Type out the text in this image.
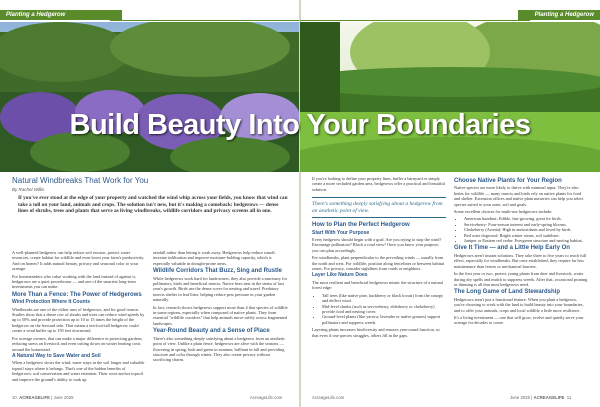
Planting a Hedgerow
Natural Windbreaks That Work for You
By Rachel Willis
If you've ever stood at the edge of your property and watched the wind whip across your fields, you know that wind can take a toll on your land, animals and crops. The solution isn't new, but it's making a comeback: hedgerows — dense lines of shrubs, trees and plants that serve as living windbreaks, wildlife corridors and privacy screens all in one.

A well-planned hedgerow can help reduce soil erosion, protect water resources, create habitat for wildlife and even boost your farm's productivity. And on homes? It adds natural beauty, privacy and seasonal color to your acreage.

For homesteaders who value working with the land instead of against it, hedgerows are a quiet powerhouse — and one of the smartest long-term investments you can make.

More Than a Fence: The Power of Hedgerows
Wind Protection Where It Counts

Windbreaks are one of the oldest uses of hedgerows, and for good reason. Studies show that a dense row of shrubs and trees can reduce wind speeds by up to 50% and provide protection up to 10 to 15 times the height of the hedgerow on the leeward side. That means a ten-foot-tall hedgerow could create a wind buffer up to 150 feet downwind.

For acreage owners, that can make a major difference in protecting gardens, reducing stress on livestock and even cutting down on winter heating costs around the homestead.

A Natural Way to Save Water and Soil

When a hedgerow slows the wind, water stays in the soil longer and valuable topsoil stays where it belongs. That's one of the hidden benefits of hedgerows: soil conservation and water retention. Their roots anchor topsoil and improve the ground's ability to soak up

rainfall rather than letting it wash away. Hedgerows help reduce runoff, increase infiltration and improve moisture-holding capacity, which is especially valuable in drought-prone areas.

Wildlife Corridors That Buzz, Sing and Rustle

While hedgerows work hard for landowners, they also provide a sanctuary for pollinators, birds and beneficial insects. Native bees nest in the stems of last year's growth. Birds use the dense cover for nesting and travel. Predatory insects shelter in leaf litter, helping reduce pest pressure in your garden naturally.

In fact, research shows hedgerows support more than 4 that species of wildlife in some regions, especially when composed of native plants. They form essential "wildlife corridors" that help animals move safely across fragmented landscapes.

Year-Round Beauty and a Sense of Place

There's also something deeply satisfying about a hedgerow from an aesthetic point of view. Unlike a plain fence, hedgerows are alive with the seasons — flowering in spring, lush and green in summer, brilliant in fall and providing structure and color through winter. They also create privacy without sacrificing charm.

10 ACREAGELIFE | June 2025	AcreageLife.com
Planting a Hedgerow

If you're looking to define your property lines, buffer a barnyard or simply create a more secluded garden area, hedgerows offer a practical and beautiful solution.

There's something deeply satisfying about a hedgerow from an aesthetic point of view.
How to Plan the Perfect Hedgerow
Start With Your Purpose

Every hedgerow should begin with a goal. Are you trying to stop the wind? Encourage pollinators? Block a road view? Once you know your purpose, you can plan accordingly.

For windbreaks, plant perpendicular to the prevailing winds — usually from the north and west. For wildlife, position along fencelines or between habitat zones. For privacy, consider sightlines from roads or neighbors.

Layer Like Nature Does

The most resilient and beneficial hedgerows mimic the structure of a natural forest edge:

• Tall trees (like native pine, hackberry or black locust) form the canopy and deflect wind.
• Mid-level shrubs (such as serviceberry, elderberry or chokeberry) provide food and nesting cover.
• Ground-level plants (like yarrow, lavender or native grasses) support pollinators and suppress weeds.

Layering plants increases biodiversity and ensures year-round function, so that even if one species struggles, others fill in the gaps.

Choose Native Plants for Your Region

Native species are more likely to thrive with minimal input. They're also better for wildlife — many insects and birds rely on native plants for food and shelter. Extension offices and native plant nurseries can help you select species suited to your zone, soil and goals.

Some excellent choices for multi-use hedgerows include:

• American hazelnut: Edible, fast-growing, great for birds.
• Serviceberry: Four-season interest and early-spring blooms.
• Chokeberry (Aronia): High in antioxidants and loved by birds.
• Red osier dogwood: Bright winter stems, soil stabilizer.
• Juniper or Eastern red cedar: Evergreen structure and nesting habitat.
Give It Time — and a Little Help Early On

Hedgerows aren't instant solutions. They take three to five years to reach full effect, especially for windbreaks. But once established, they require far less maintenance than fences or mechanical barriers.

In the first year or two, protect young plants from deer and livestock, water during dry spells and mulch to suppress weeds. After that, occasional pruning or thinning is all that most hedgerows need.

The Long Game of Land Stewardship

Hedgerows aren't just a functional feature. When you plant a hedgerow, you're choosing to work with the land to build beauty into your boundaries, and to offer your animals, crops and local wildlife a little more resilience.

It's a living investment — one that will grow, evolve and quietly serve your acreage for decades to come.

AcreageLife.com	June 2025 | ACREAGELIFE 11
Build Beauty Into Your Boundaries
